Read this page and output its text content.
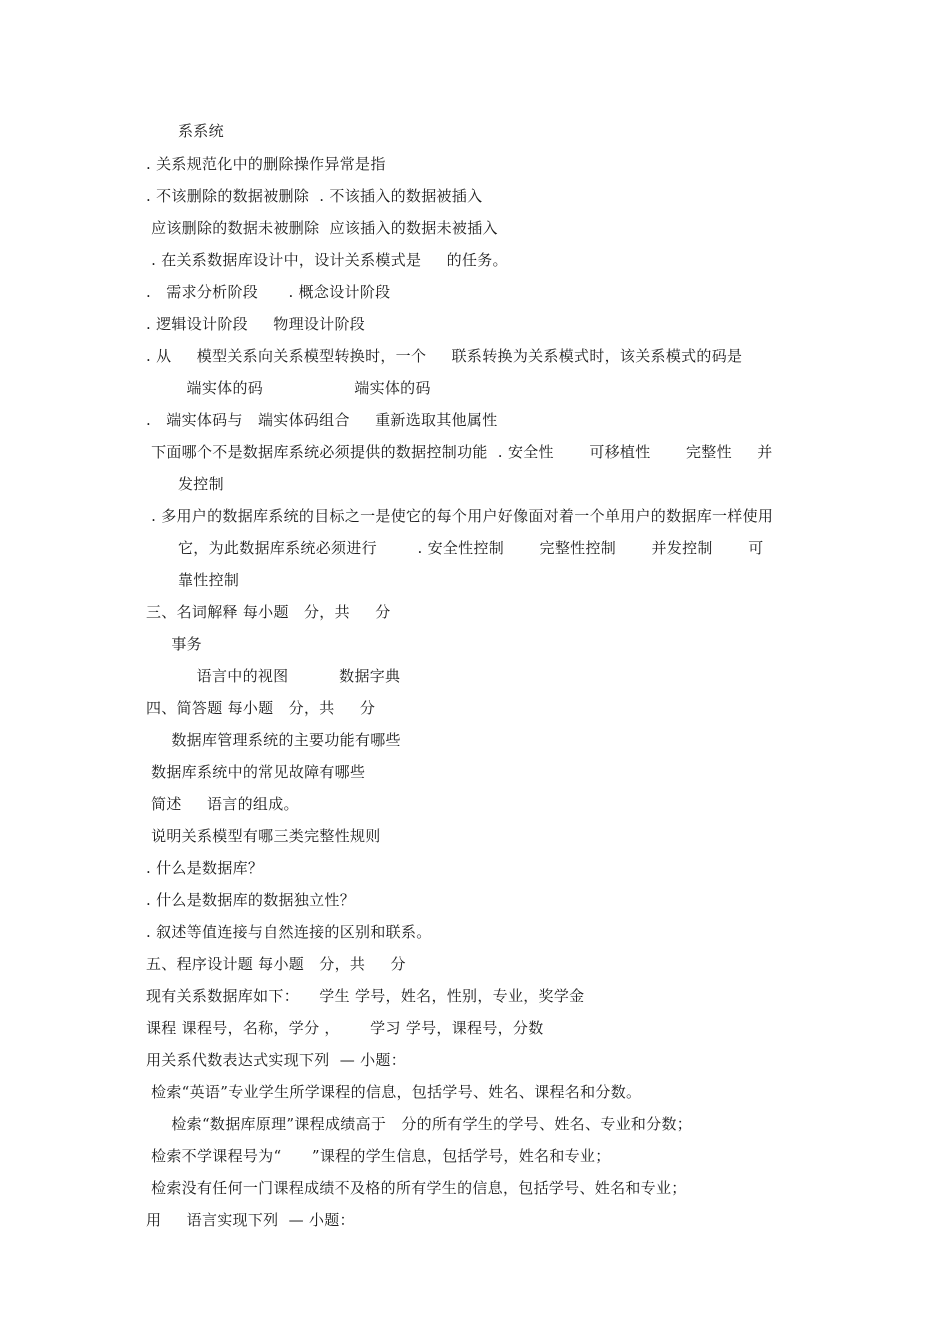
系系统
. 关系规范化中的删除操作异常是指
. 不该删除的数据被删除  . 不该插入的数据被插入
应该删除的数据未被删除  应该插入的数据未被插入
. 在关系数据库设计中，设计关系模式是     的任务。
.   需求分析阶段      . 概念设计阶段
. 逻辑设计阶段     物理设计阶段
. 从     模型关系向关系模型转换时，一个     联系转换为关系模式时，该关系模式的码是
端实体的码                  端实体的码
.   端实体码与   端实体码组合     重新选取其他属性
下面哪个不是数据库系统必须提供的数据控制功能  . 安全性       可移植性       完整性     并
发控制
. 多用户的数据库系统的目标之一是使它的每个用户好像面对着一个单用户的数据库一样使用
它，为此数据库系统必须进行        . 安全性控制       完整性控制       并发控制       可
靠性控制
三、名词解释 每小题   分，共     分
事务
语言中的视图          数据字典
四、简答题 每小题   分，共     分
数据库管理系统的主要功能有哪些
数据库系统中的常见故障有哪些
简述     语言的组成。
说明关系模型有哪三类完整性规则
. 什么是数据库？
. 什么是数据库的数据独立性？
. 叙述等值连接与自然连接的区别和联系。
五、程序设计题 每小题   分，共     分
现有关系数据库如下：    学生 学号，姓名，性别，专业，奖学金
课程 课程号，名称，学分 ，      学习 学号，课程号，分数
用关系代数表达式实现下列  — 小题：
检索“英语”专业学生所学课程的信息，包括学号、姓名、课程名和分数。
检索“数据库原理”课程成绩高于   分的所有学生的学号、姓名、专业和分数；
检索不学课程号为“      ”课程的学生信息，包括学号，姓名和专业；
检索没有任何一门课程成绩不及格的所有学生的信息，包括学号、姓名和专业；
用     语言实现下列  — 小题：
